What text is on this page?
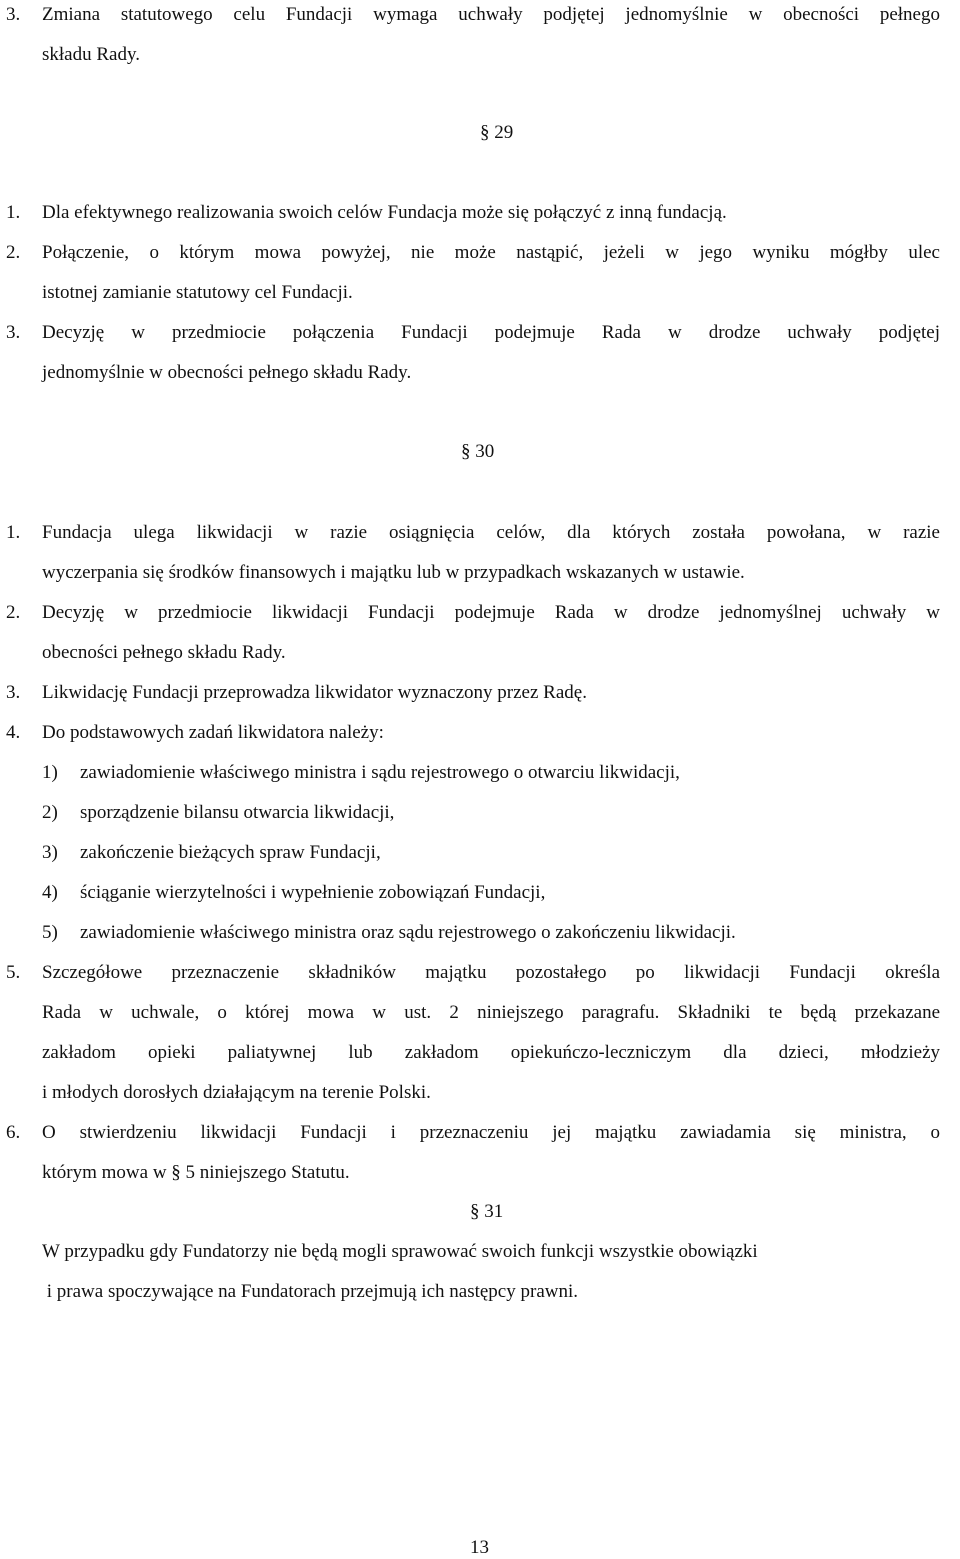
3. Zmiana statutowego celu Fundacji wymaga uchwały podjętej jednomyślnie w obecności pełnego
składu Rady.
§ 29
1. Dla efektywnego realizowania swoich celów Fundacja może się połączyć z inną fundacją.
2. Połączenie, o którym mowa powyżej, nie może nastąpić, jeżeli w jego wyniku mógłby ulec
istotnej zamianie statutowy cel Fundacji.
3. Decyzję w przedmiocie połączenia Fundacji podejmuje Rada w drodze uchwały podjętej
jednomyślnie w obecności pełnego składu Rady.
§ 30
1. Fundacja ulega likwidacji w razie osiągnięcia celów, dla których została powołana, w razie
wyczerpania się środków finansowych i majątku lub w przypadkach wskazanych w ustawie.
2. Decyzję w przedmiocie likwidacji Fundacji podejmuje Rada w drodze jednomyślnej uchwały w
obecności pełnego składu Rady.
3. Likwidację Fundacji przeprowadza likwidator wyznaczony przez Radę.
4. Do podstawowych zadań likwidatora należy:
1) zawiadomienie właściwego ministra i sądu rejestrowego o otwarciu likwidacji,
2) sporządzenie bilansu otwarcia likwidacji,
3) zakończenie bieżących spraw Fundacji,
4) ściąganie wierzytelności i wypełnienie zobowiązań Fundacji,
5) zawiadomienie właściwego ministra oraz sądu rejestrowego o zakończeniu likwidacji.
5. Szczegółowe przeznaczenie składników majątku pozostałego po likwidacji Fundacji określa
Rada w uchwale, o której mowa w ust. 2 niniejszego paragrafu. Składniki te będą przekazane
zakładom opieki paliatywnej lub zakładom opiekuńczo-leczniczym dla dzieci, młodzieży
i młodych dorosłych działającym na terenie Polski.
6. O stwierdzeniu likwidacji Fundacji i przeznaczeniu jej majątku zawiadamia się ministra, o
którym mowa w § 5 niniejszego Statutu.
§ 31
W przypadku gdy Fundatorzy nie będą mogli sprawować swoich funkcji wszystkie obowiązki
i prawa spoczywające na Fundatorach przejmują ich następcy prawni.
13
